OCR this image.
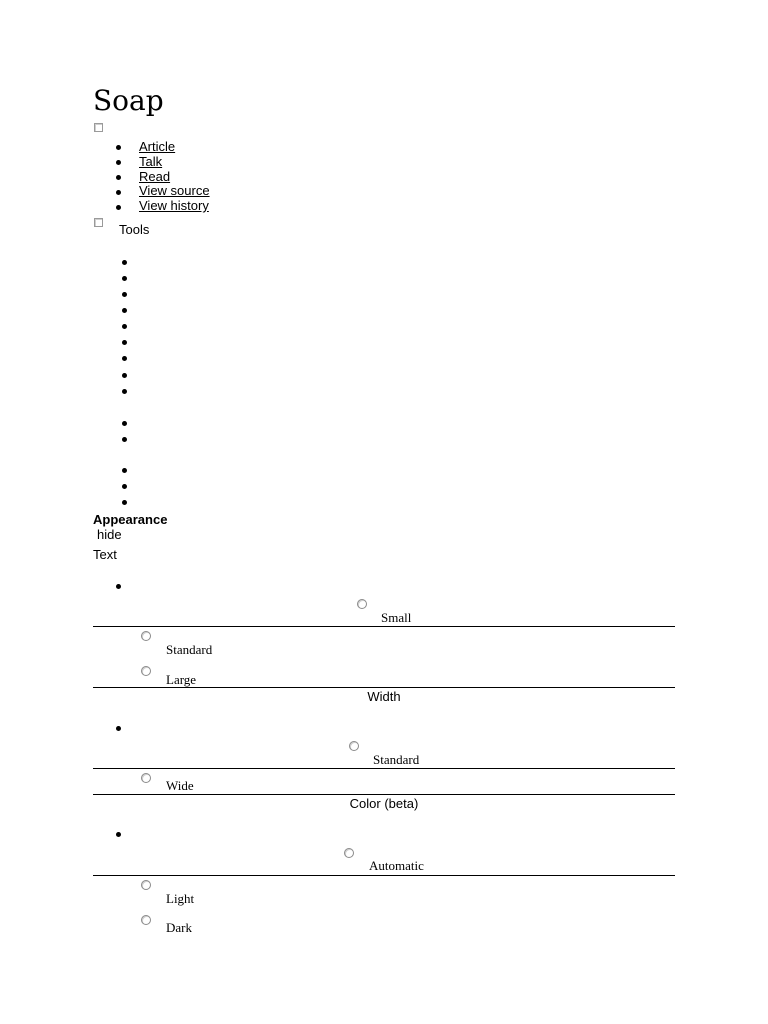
Soap
Article
Talk
Read
View source
View history
Tools
Appearance
hide
Text
Small
Standard
Large
Width
Standard
Wide
Color (beta)
Automatic
Light
Dark
